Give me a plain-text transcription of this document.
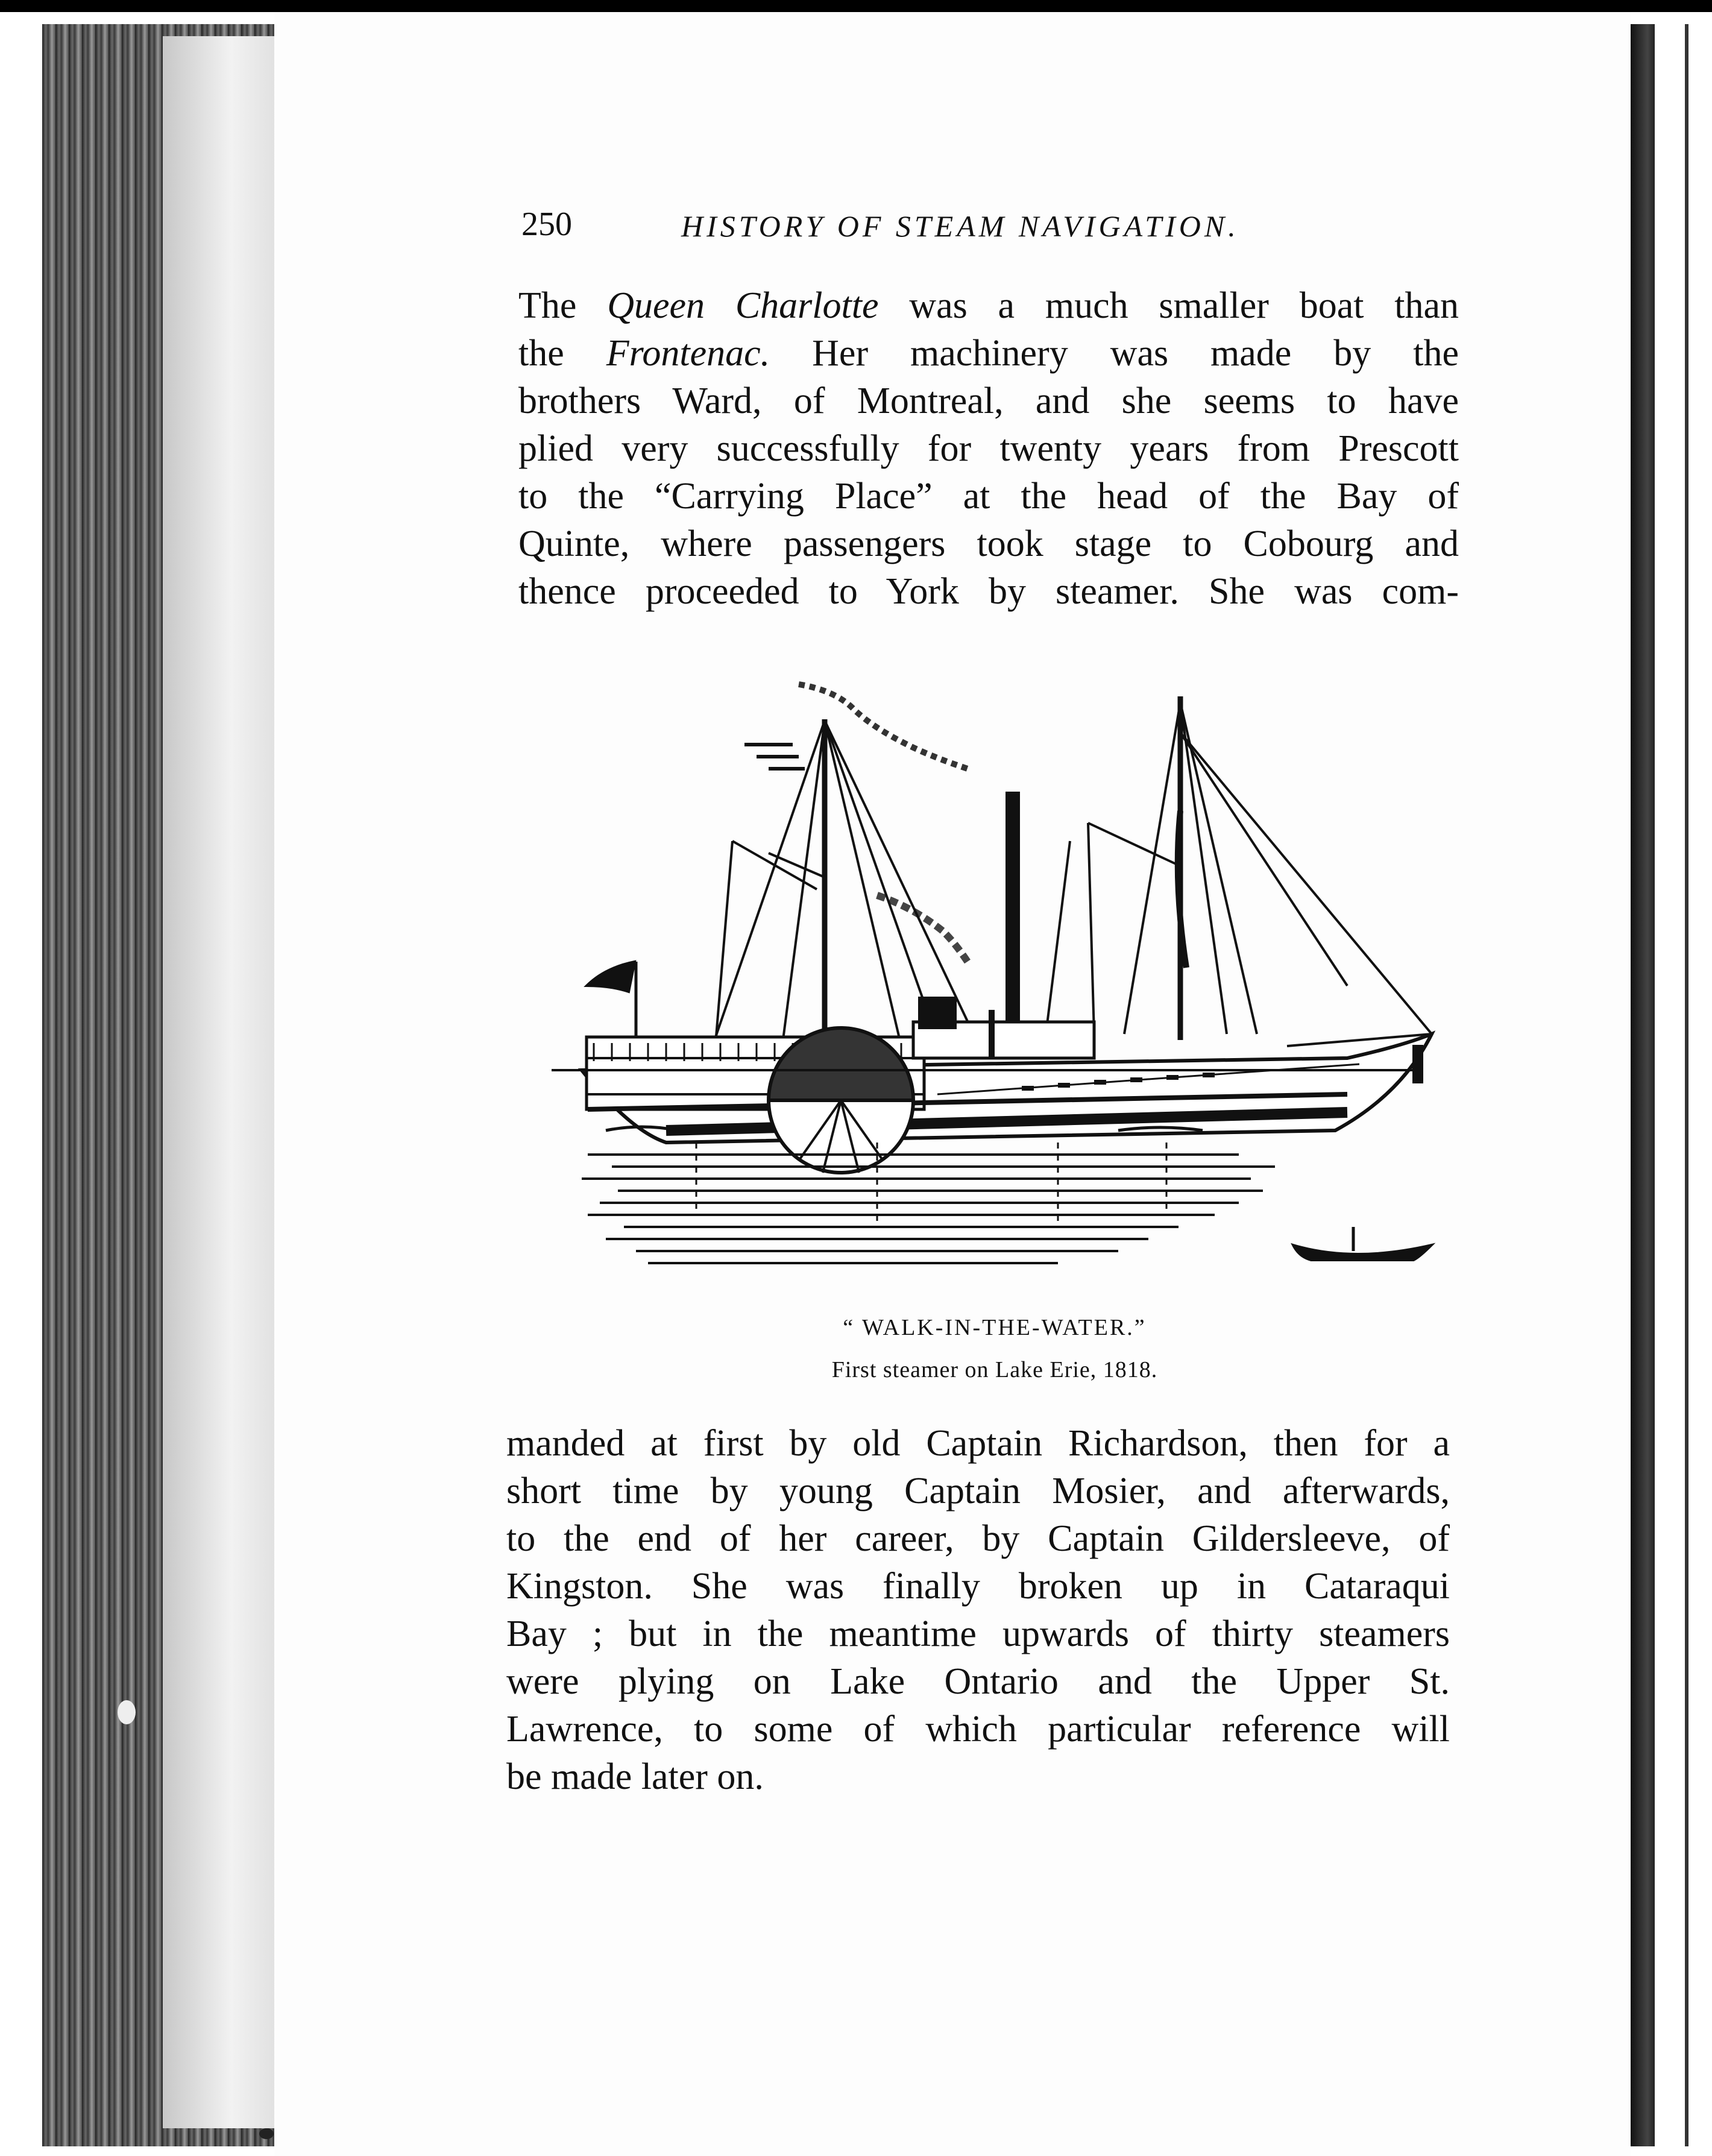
250	HISTORY OF STEAM NAVIGATION.

The Queen Charlotte was a much smaller boat than
the Frontenac. Her machinery was made by the
brothers Ward, of Montreal, and she seems to have
plied very successfully for twenty years from Prescott
to the “Carrying Place” at the head of the Bay of
Quinte, where passengers took stage to Cobourg and
thence proceeded to York by steamer. She was com-

“ WALK-IN-THE-WATER.”
First steamer on Lake Erie, 1818.

manded at first by old Captain Richardson, then for a
short time by young Captain Mosier, and afterwards,
to the end of her career, by Captain Gildersleeve, of
Kingston. She was finally broken up in Cataraqui
Bay ; but in the meantime upwards of thirty steamers
were plying on Lake Ontario and the Upper St.
Lawrence, to some of which particular reference will
be made later on.
